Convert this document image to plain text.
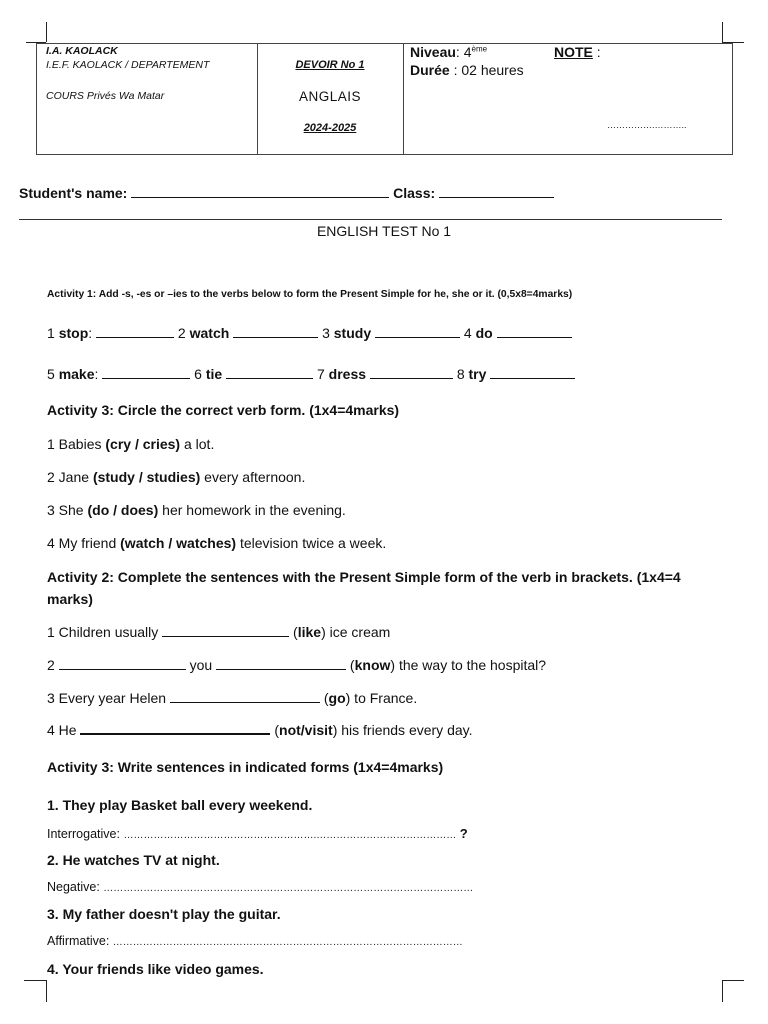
I.A. KAOLACK
I.E.F. KAOLACK / DEPARTEMENT
COURS Privés Wa Matar
DEVOIR No 1
ANGLAIS
2024-2025
Niveau: 4ème	NOTE :
Durée : 02 heures
…………….………..
Student's name:	Class:
ENGLISH TEST No 1
Activity 1: Add -s, -es or –ies to the verbs below to form the Present Simple for he, she or it. (0,5x8=4marks)
1 stop:	2 watch	3 study	4 do
5 make:	6 tie	7 dress	8 try
Activity 3: Circle the correct verb form. (1x4=4marks)
1 Babies (cry / cries) a lot.
2 Jane (study / studies) every afternoon.
3 She (do / does) her homework in the evening.
4 My friend (watch / watches) television twice a week.
Activity 2: Complete the sentences with the Present Simple form of the verb in brackets. (1x4=4
marks)
1 Children usually	(like) ice cream
2	you	(know) the way to the hospital?
3 Every year Helen	(go) to France.
4 He	(not/visit) his friends every day.
Activity 3: Write sentences in indicated forms (1x4=4marks)
1. They play Basket ball every weekend.
Interrogative: ………………………………………………….…………………………………… ?
2. He watches TV at night.
Negative: …………………………………………………………………………………………………
3. My father doesn't play the guitar.
Affirmative: ……………………………………………………………………………………………
4. Your friends like video games.
